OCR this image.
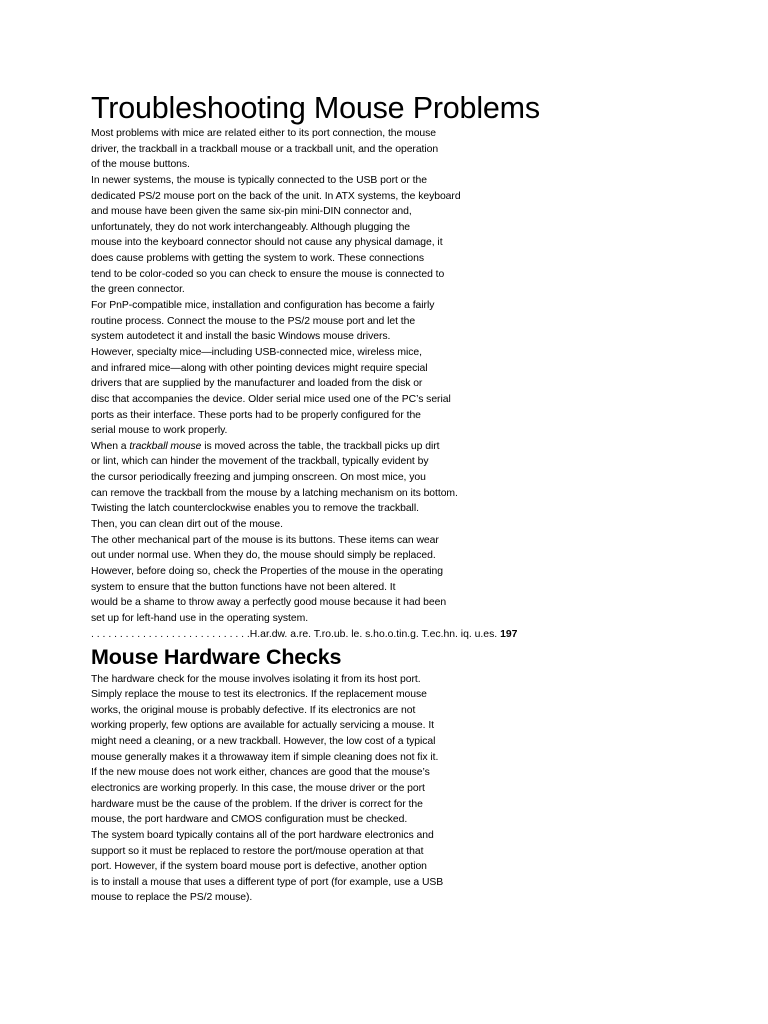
Troubleshooting Mouse Problems
Most problems with mice are related either to its port connection, the mouse
driver, the trackball in a trackball mouse or a trackball unit, and the operation
of the mouse buttons.
In newer systems, the mouse is typically connected to the USB port or the
dedicated PS/2 mouse port on the back of the unit. In ATX systems, the keyboard
and mouse have been given the same six-pin mini-DIN connector and,
unfortunately, they do not work interchangeably. Although plugging the
mouse into the keyboard connector should not cause any physical damage, it
does cause problems with getting the system to work. These connections
tend to be color-coded so you can check to ensure the mouse is connected to
the green connector.
For PnP-compatible mice, installation and configuration has become a fairly
routine process. Connect the mouse to the PS/2 mouse port and let the
system autodetect it and install the basic Windows mouse drivers.
However, specialty mice—including USB-connected mice, wireless mice,
and infrared mice—along with other pointing devices might require special
drivers that are supplied by the manufacturer and loaded from the disk or
disc that accompanies the device. Older serial mice used one of the PC’s serial
ports as their interface. These ports had to be properly configured for the
serial mouse to work properly.
When a trackball mouse is moved across the table, the trackball picks up dirt
or lint, which can hinder the movement of the trackball, typically evident by
the cursor periodically freezing and jumping onscreen. On most mice, you
can remove the trackball from the mouse by a latching mechanism on its bottom.
Twisting the latch counterclockwise enables you to remove the trackball.
Then, you can clean dirt out of the mouse.
The other mechanical part of the mouse is its buttons. These items can wear
out under normal use. When they do, the mouse should simply be replaced.
However, before doing so, check the Properties of the mouse in the operating
system to ensure that the button functions have not been altered. It
would be a shame to throw away a perfectly good mouse because it had been
set up for left-hand use in the operating system.
. . . . . . . . . . . . . . . . . . . . . . . . . . . .H.ar.dw. a.re. T.ro.ub. le. s.ho.o.tin.g. T.ec.hn. iq. u.es. 197
Mouse Hardware Checks
The hardware check for the mouse involves isolating it from its host port.
Simply replace the mouse to test its electronics. If the replacement mouse
works, the original mouse is probably defective. If its electronics are not
working properly, few options are available for actually servicing a mouse. It
might need a cleaning, or a new trackball. However, the low cost of a typical
mouse generally makes it a throwaway item if simple cleaning does not fix it.
If the new mouse does not work either, chances are good that the mouse’s
electronics are working properly. In this case, the mouse driver or the port
hardware must be the cause of the problem. If the driver is correct for the
mouse, the port hardware and CMOS configuration must be checked.
The system board typically contains all of the port hardware electronics and
support so it must be replaced to restore the port/mouse operation at that
port. However, if the system board mouse port is defective, another option
is to install a mouse that uses a different type of port (for example, use a USB
mouse to replace the PS/2 mouse).
